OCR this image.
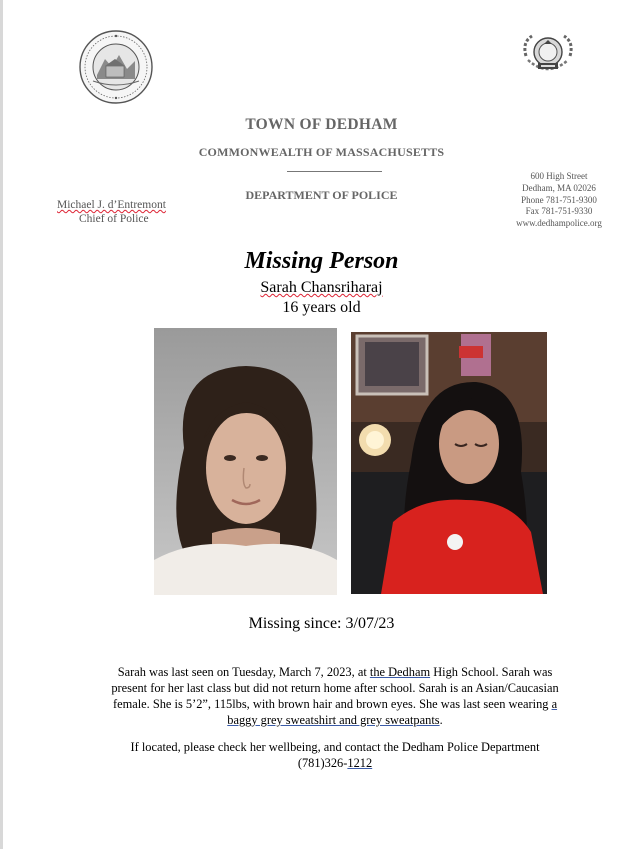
TOWN OF DEDHAM
COMMONWEALTH OF MASSACHUSETTS
DEPARTMENT OF POLICE
Michael J. d’Entremont
Chief of Police
600 High Street
Dedham, MA 02026
Phone 781-751-9300
Fax 781-751-9330
www.dedhampolice.org
Missing Person
Sarah Chansriharaj
16 years old
Missing since: 3/07/23
Sarah was last seen on Tuesday, March 7, 2023, at the Dedham High School. Sarah was present for her last class but did not return home after school. Sarah is an Asian/Caucasian female. She is 5’2”, 115lbs, with brown hair and brown eyes. She was last seen wearing a baggy grey sweatshirt and grey sweatpants.
If located, please check her wellbeing, and contact the Dedham Police Department
(781)326-1212
